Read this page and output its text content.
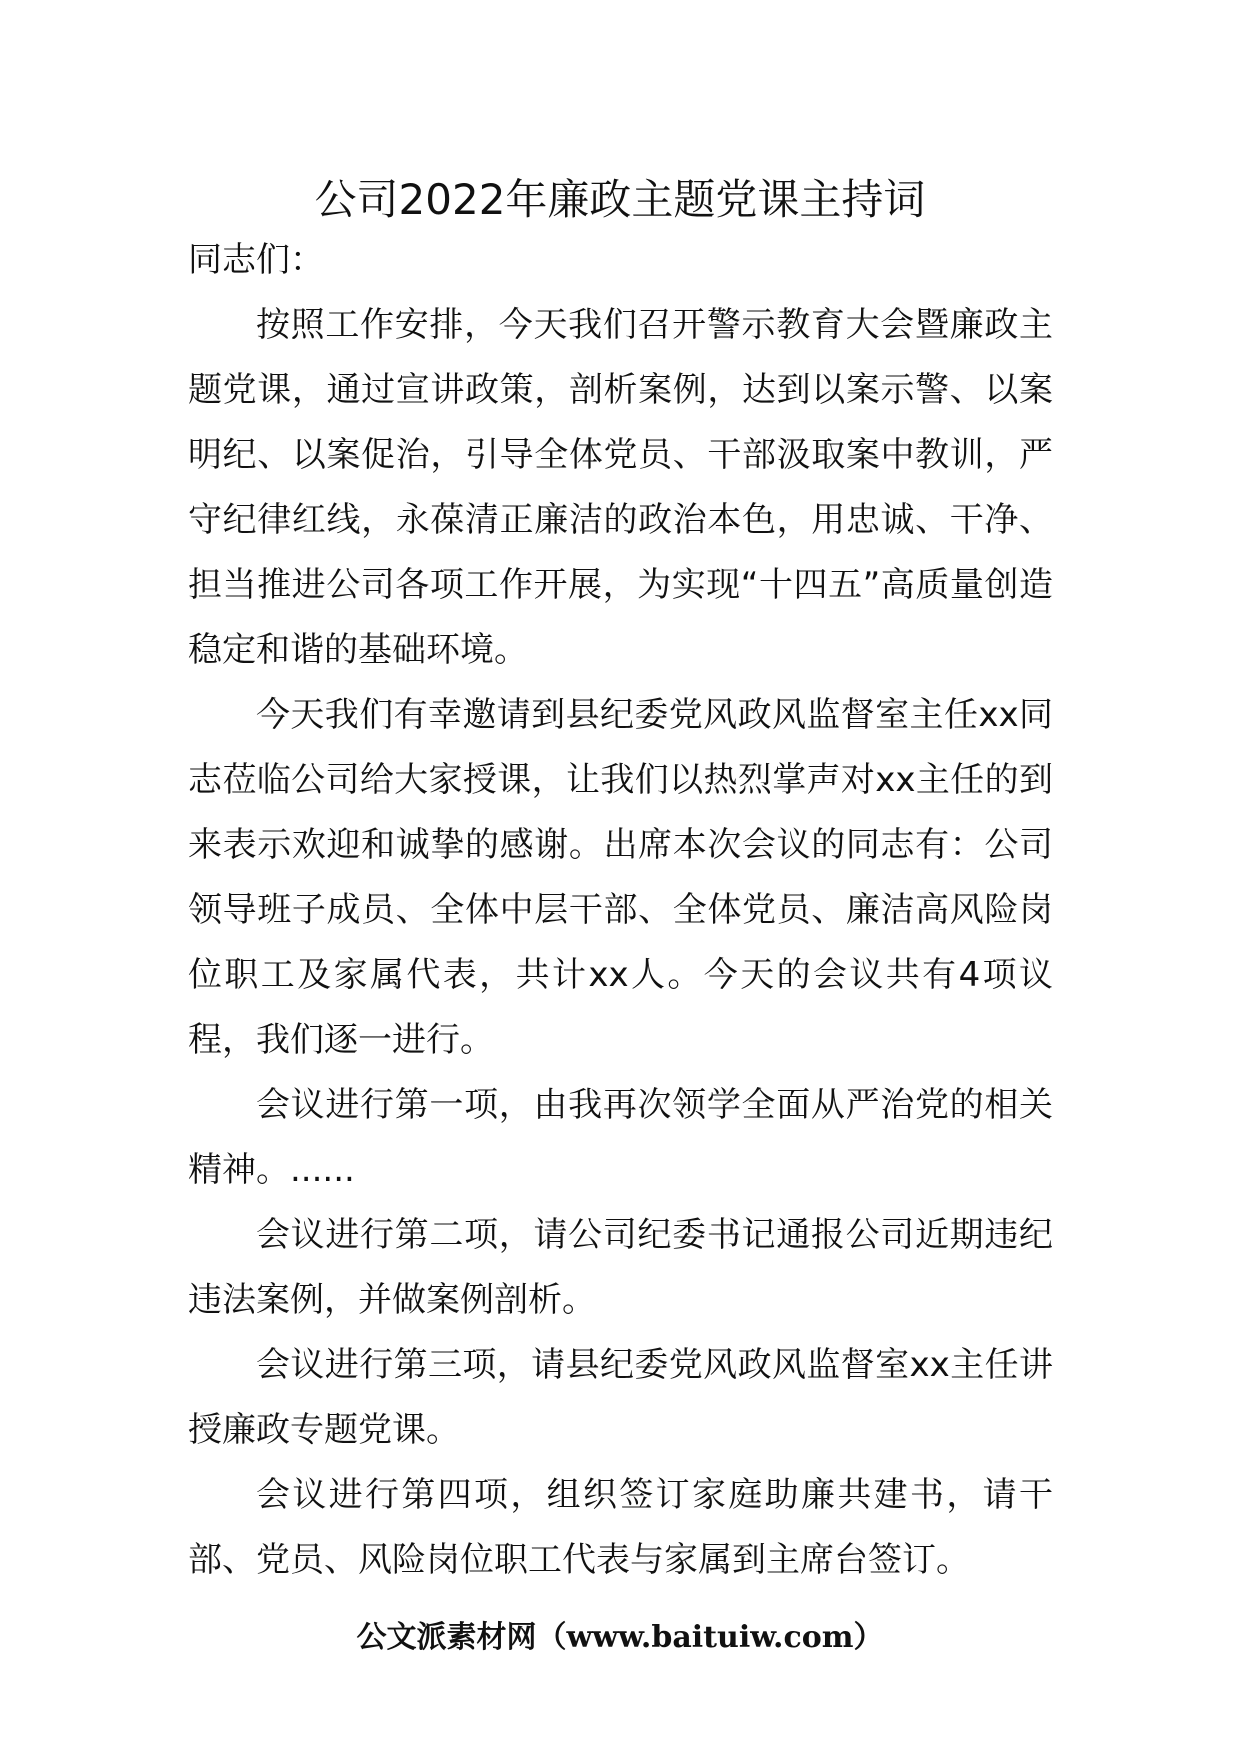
公司2022年廉政主题党课主持词

同志们：

按照工作安排，今天我们召开警示教育大会暨廉政主题党课，通过宣讲政策，剖析案例，达到以案示警、以案明纪、以案促治，引导全体党员、干部汲取案中教训，严守纪律红线，永葆清正廉洁的政治本色，用忠诚、干净、担当推进公司各项工作开展，为实现“十四五”高质量创造稳定和谐的基础环境。

今天我们有幸邀请到县纪委党风政风监督室主任xx同志莅临公司给大家授课，让我们以热烈掌声对xx主任的到来表示欢迎和诚挚的感谢。出席本次会议的同志有：公司领导班子成员、全体中层干部、全体党员、廉洁高风险岗位职工及家属代表，共计xx人。今天的会议共有4项议程，我们逐一进行。

会议进行第一项，由我再次领学全面从严治党的相关精神。......

会议进行第二项，请公司纪委书记通报公司近期违纪违法案例，并做案例剖析。

会议进行第三项，请县纪委党风政风监督室xx主任讲授廉政专题党课。

会议进行第四项，组织签订家庭助廉共建书，请干部、党员、风险岗位职工代表与家属到主席台签订。

公文派素材网（www.baituiw.com）
